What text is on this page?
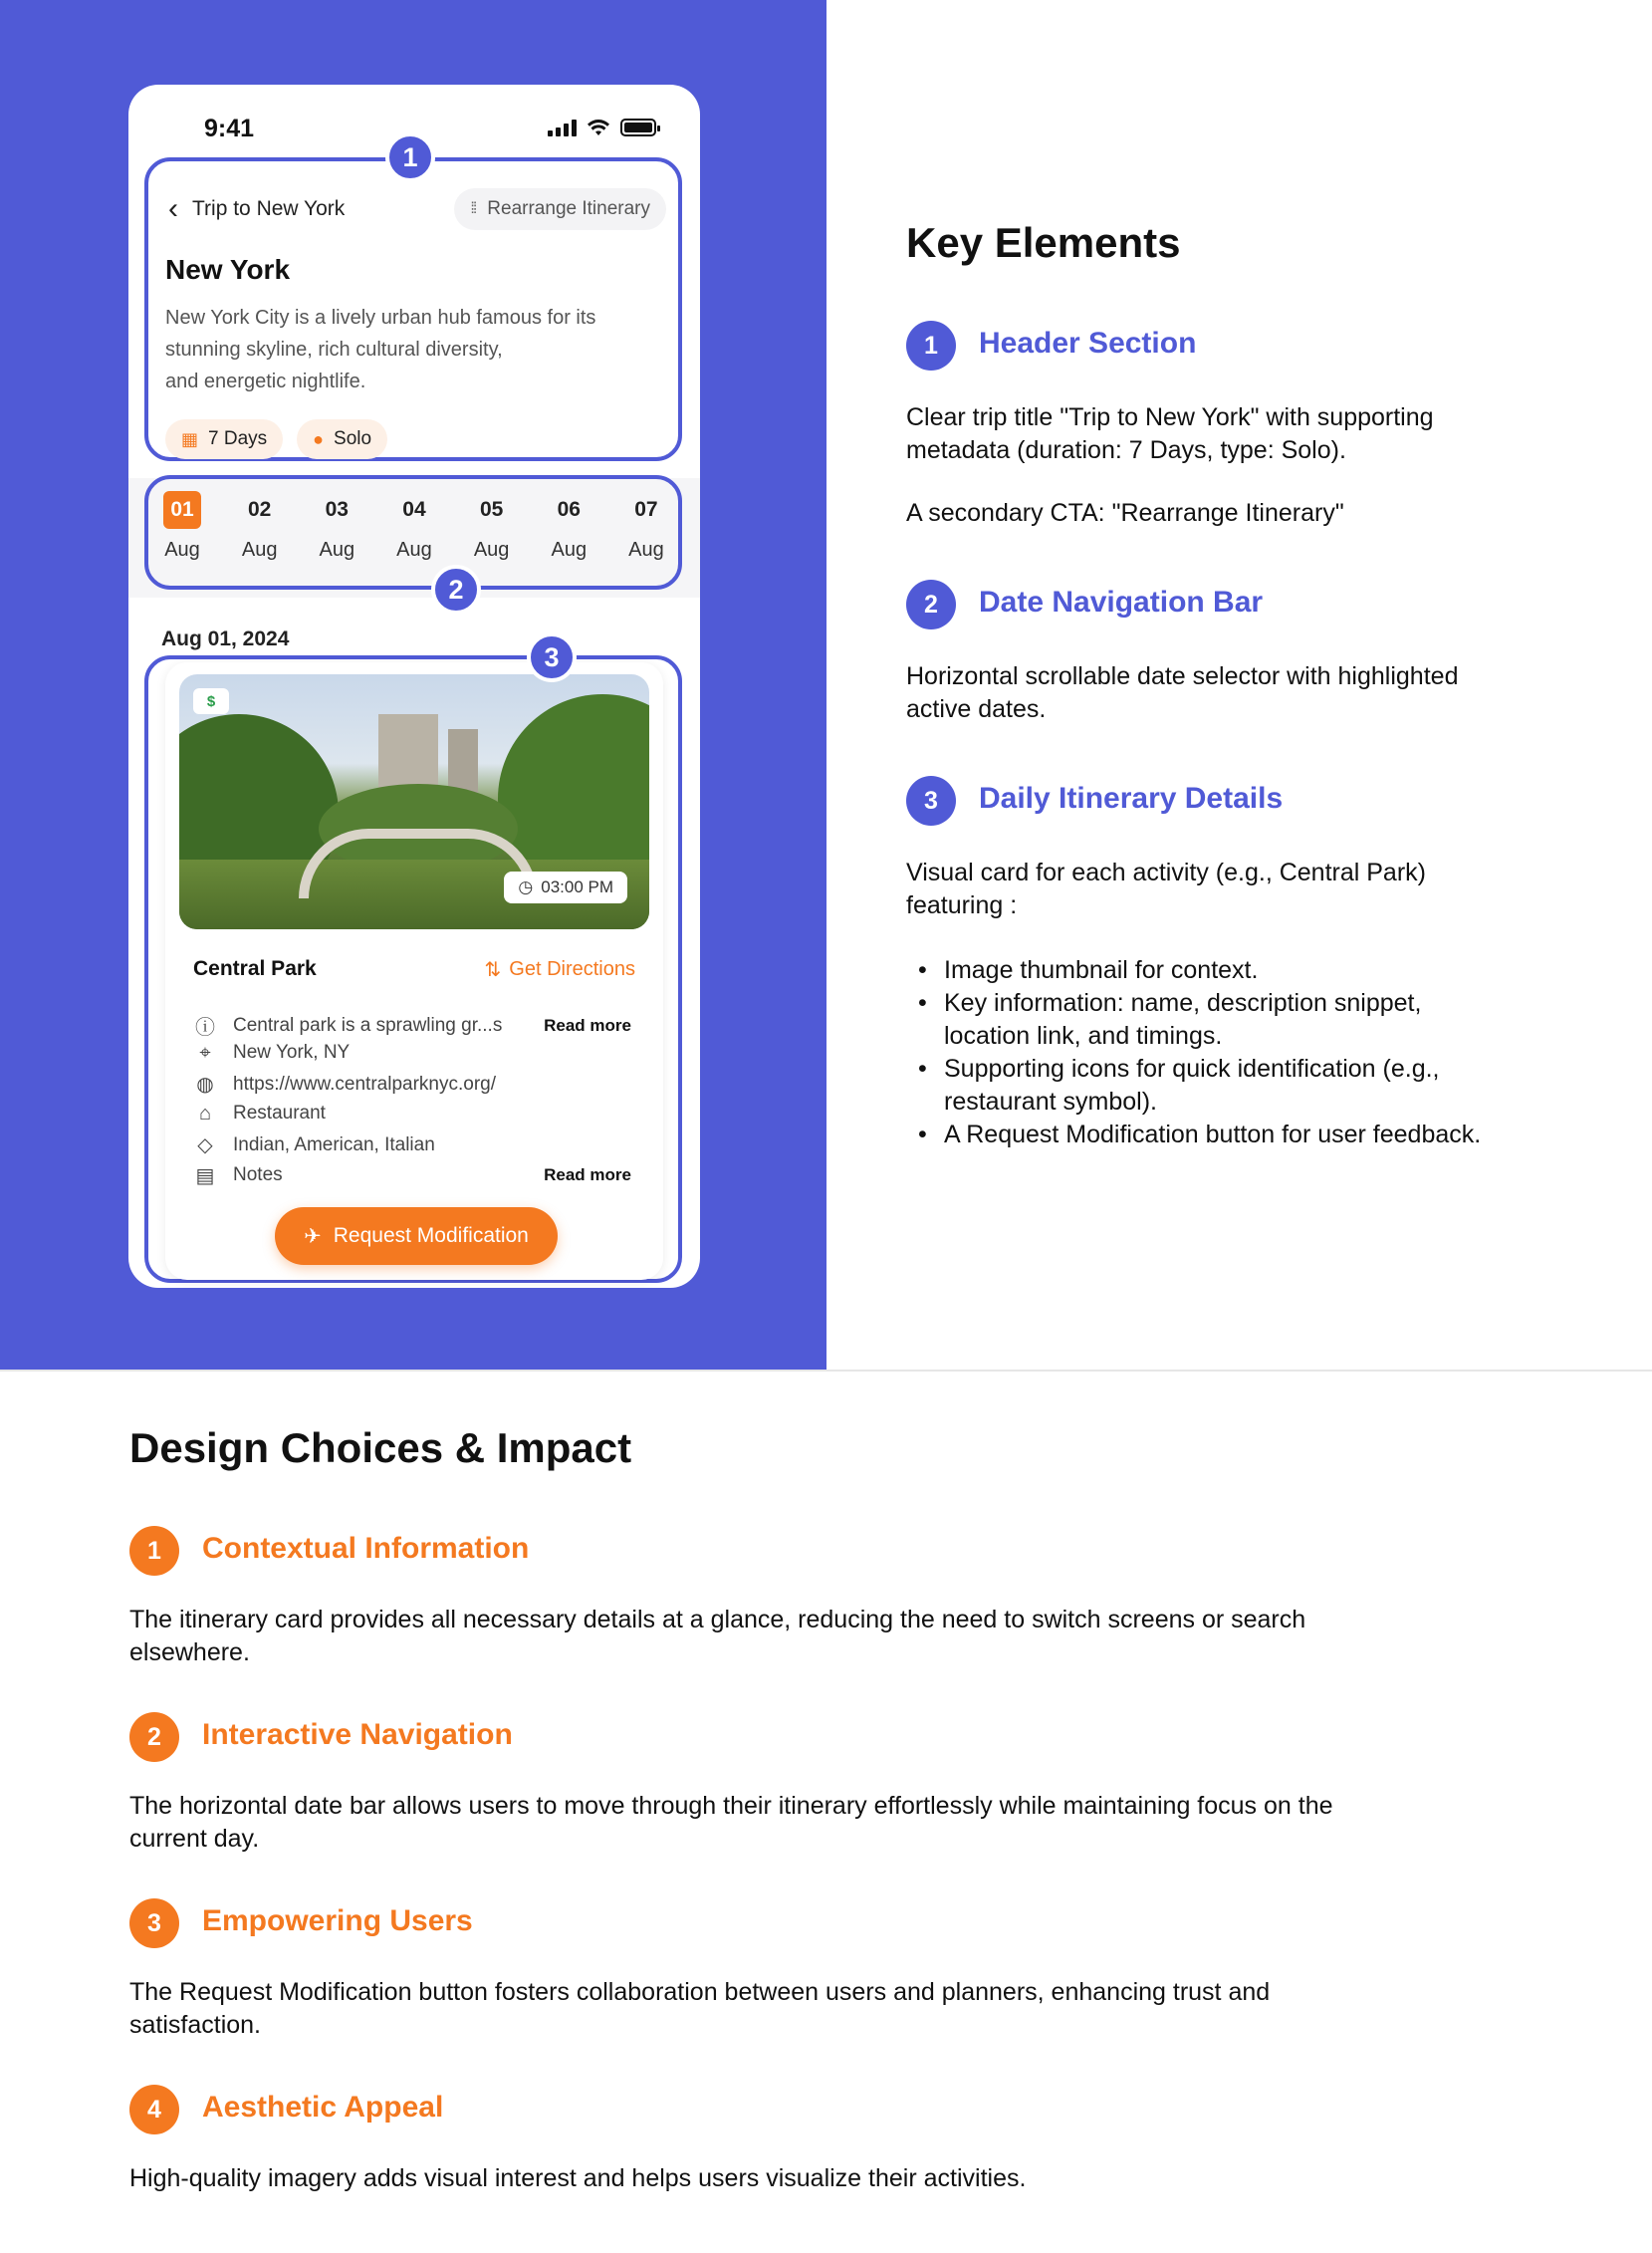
9:41
1
‹ Trip to New York	⁞⁞ Rearrange Itinerary
New York
New York City is a lively urban hub famous for its
stunning skyline, rich cultural diversity,
and energetic nightlife.
▦ 7 Days	● Solo
01
Aug
02
Aug
03
Aug
04
Aug
05
Aug
06
Aug
07
Aug
2
Aug 01, 2024
$
◷ 03:00 PM
Central Park	⇅ Get Directions
ⓘ Central park is a sprawling gr...s Read more
⌖	New York, NY
◍ https://www.centralparknyc.org/
⌂	Restaurant
◇ Indian, American, Italian
▤ Notes	Read more
3
✈ Request Modification
Key Elements
1	Header Section
Clear trip title "Trip to New York" with supporting
metadata (duration: 7 Days, type: Solo).
A secondary CTA: "Rearrange Itinerary"
2	Date Navigation Bar
Horizontal scrollable date selector with highlighted
active dates.
3	Daily Itinerary Details
Visual card for each activity (e.g., Central Park)
featuring :
• Image thumbnail for context.
• Key information: name, description snippet,
location link, and timings.
• Supporting icons for quick identification (e.g.,
restaurant symbol).
• A Request Modification button for user feedback.
Design Choices & Impact
1	Contextual Information
The itinerary card provides all necessary details at a glance, reducing the need to switch screens or search
elsewhere.
2	Interactive Navigation
The horizontal date bar allows users to move through their itinerary effortlessly while maintaining focus on the
current day.
3	Empowering Users
The Request Modification button fosters collaboration between users and planners, enhancing trust and
satisfaction.
4	Aesthetic Appeal
High-quality imagery adds visual interest and helps users visualize their activities.
